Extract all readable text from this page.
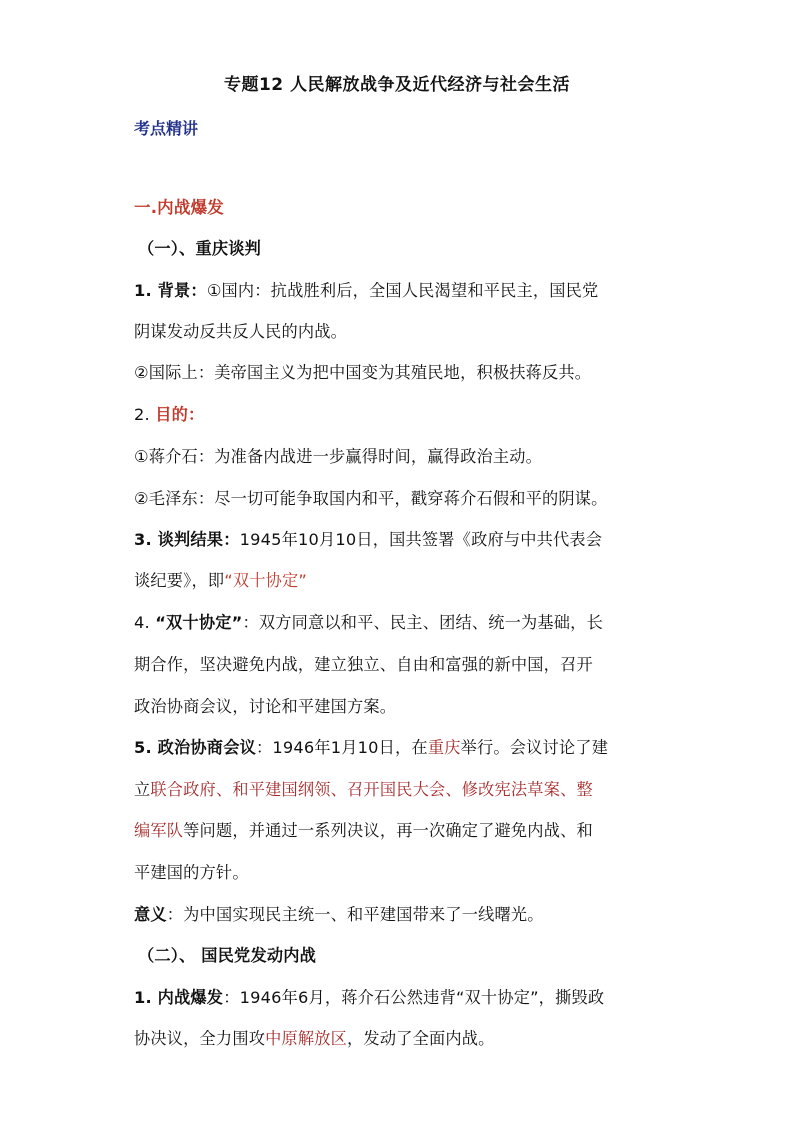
专题12 人民解放战争及近代经济与社会生活
考点精讲
一.内战爆发
（一）、重庆谈判
1. 背景：①国内：抗战胜利后，全国人民渴望和平民主，国民党
阴谋发动反共反人民的内战。
②国际上：美帝国主义为把中国变为其殖民地，积极扶蒋反共。
2. 目的：
①蒋介石：为准备内战进一步赢得时间，赢得政治主动。
②毛泽东：尽一切可能争取国内和平，戳穿蒋介石假和平的阴谋。
3. 谈判结果：1945年10月10日，国共签署《政府与中共代表会
谈纪要》，即“双十协定”
4. “双十协定”：双方同意以和平、民主、团结、统一为基础，长
期合作，坚决避免内战，建立独立、自由和富强的新中国，召开
政治协商会议，讨论和平建国方案。
5. 政治协商会议：1946年1月10日，在重庆举行。会议讨论了建
立联合政府、和平建国纲领、召开国民大会、修改宪法草案、整
编军队等问题，并通过一系列决议，再一次确定了避免内战、和
平建国的方针。
意义：为中国实现民主统一、和平建国带来了一线曙光。
（二）、 国民党发动内战
1. 内战爆发：1946年6月，蒋介石公然违背“双十协定”，撕毁政
协决议，全力围攻中原解放区，发动了全面内战。
